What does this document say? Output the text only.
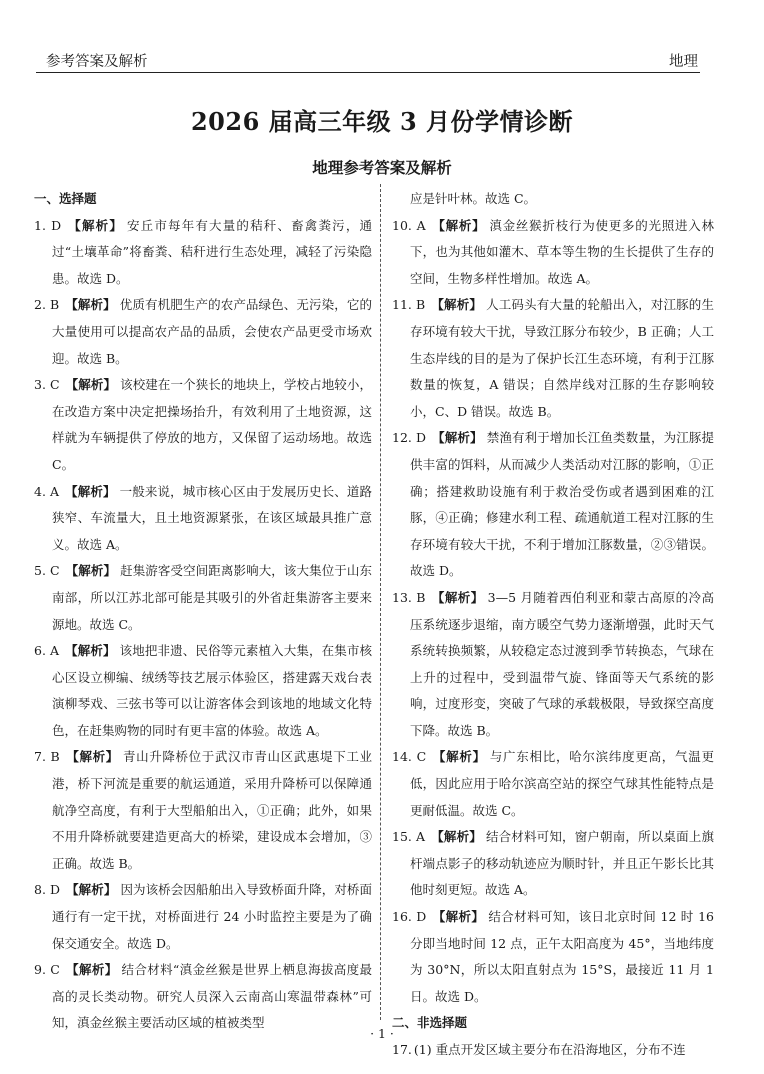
参考答案及解析	地理
2026 届高三年级 3 月份学情诊断
地理参考答案及解析

一、选择题

1. D 【解析】 安丘市每年有大量的秸秆、畜禽粪污，通过“土壤革命”将畜粪、秸秆进行生态处理，减轻了污染隐患。故选 D。

2. B 【解析】 优质有机肥生产的农产品绿色、无污染，它的大量使用可以提高农产品的品质，会使农产品更受市场欢迎。故选 B。

3. C 【解析】 该校建在一个狭长的地块上，学校占地较小，在改造方案中决定把操场抬升，有效利用了土地资源，这样就为车辆提供了停放的地方，又保留了运动场地。故选 C。

4. A 【解析】 一般来说，城市核心区由于发展历史长、道路狭窄、车流量大，且土地资源紧张，在该区域最具推广意义。故选 A。

5. C 【解析】 赶集游客受空间距离影响大，该大集位于山东南部，所以江苏北部可能是其吸引的外省赶集游客主要来源地。故选 C。

6. A 【解析】 该地把非遗、民俗等元素植入大集，在集市核心区设立柳编、绒绣等技艺展示体验区，搭建露天戏台表演柳琴戏、三弦书等可以让游客体会到该地的地域文化特色，在赶集购物的同时有更丰富的体验。故选 A。

7. B 【解析】 青山升降桥位于武汉市青山区武惠堤下工业港，桥下河流是重要的航运通道，采用升降桥可以保障通航净空高度，有利于大型船舶出入，①正确；此外，如果不用升降桥就要建造更高大的桥梁，建设成本会增加，③正确。故选 B。

8. D 【解析】 因为该桥会因船舶出入导致桥面升降，对桥面通行有一定干扰，对桥面进行 24 小时监控主要是为了确保交通安全。故选 D。

9. C 【解析】 结合材料“滇金丝猴是世界上栖息海拔高度最高的灵长类动物。研究人员深入云南高山寒温带森林”可知，滇金丝猴主要活动区域的植被类型

应是针叶林。故选 C。

10. A 【解析】 滇金丝猴折枝行为使更多的光照进入林下，也为其他如灌木、草本等生物的生长提供了生存的空间，生物多样性增加。故选 A。

11. B 【解析】 人工码头有大量的轮船出入，对江豚的生存环境有较大干扰，导致江豚分布较少，B 正确；人工生态岸线的目的是为了保护长江生态环境，有利于江豚数量的恢复，A 错误；自然岸线对江豚的生存影响较小，C、D 错误。故选 B。

12. D 【解析】 禁渔有利于增加长江鱼类数量，为江豚提供丰富的饵料，从而减少人类活动对江豚的影响，①正确；搭建救助设施有利于救治受伤或者遇到困难的江豚，④正确；修建水利工程、疏通航道工程对江豚的生存环境有较大干扰，不利于增加江豚数量，②③错误。故选 D。

13. B 【解析】 3—5 月随着西伯利亚和蒙古高原的冷高压系统逐步退缩，南方暖空气势力逐渐增强，此时天气系统转换频繁，从较稳定态过渡到季节转换态，气球在上升的过程中，受到温带气旋、锋面等天气系统的影响，过度形变，突破了气球的承载极限，导致探空高度下降。故选 B。

14. C 【解析】 与广东相比，哈尔滨纬度更高，气温更低，因此应用于哈尔滨高空站的探空气球其性能特点是更耐低温。故选 C。

15. A 【解析】 结合材料可知，窗户朝南，所以桌面上旗杆端点影子的移动轨迹应为顺时针，并且正午影长比其他时刻更短。故选 A。

16. D 【解析】 结合材料可知，该日北京时间 12 时 16 分即当地时间 12 点，正午太阳高度为 45°，当地纬度为 30°N，所以太阳直射点为 15°S，最接近 11 月 1 日。故选 D。

二、非选择题

17. (1) 重点开发区域主要分布在沿海地区，分布不连

· 1 ·
